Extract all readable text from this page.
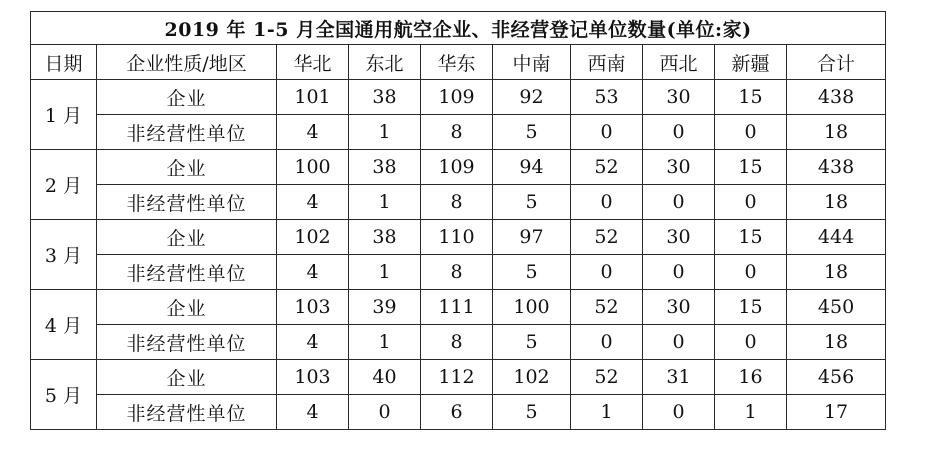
2019 年 1-5 月全国通用航空企业、非经营登记单位数量(单位:家)									
日期	企业性质/地区	华北	东北	华东	中南	西南	西北	新疆	合计
1 月	企业	101	38	109	92	53	30	15	438
	非经营性单位	4	1	8	5	0	0	0	18
2 月	企业	100	38	109	94	52	30	15	438
	非经营性单位	4	1	8	5	0	0	0	18
3 月	企业	102	38	110	97	52	30	15	444
	非经营性单位	4	1	8	5	0	0	0	18
4 月	企业	103	39	111	100	52	30	15	450
	非经营性单位	4	1	8	5	0	0	0	18
5 月	企业	103	40	112	102	52	31	16	456
	非经营性单位	4	0	6	5	1	0	1	17
